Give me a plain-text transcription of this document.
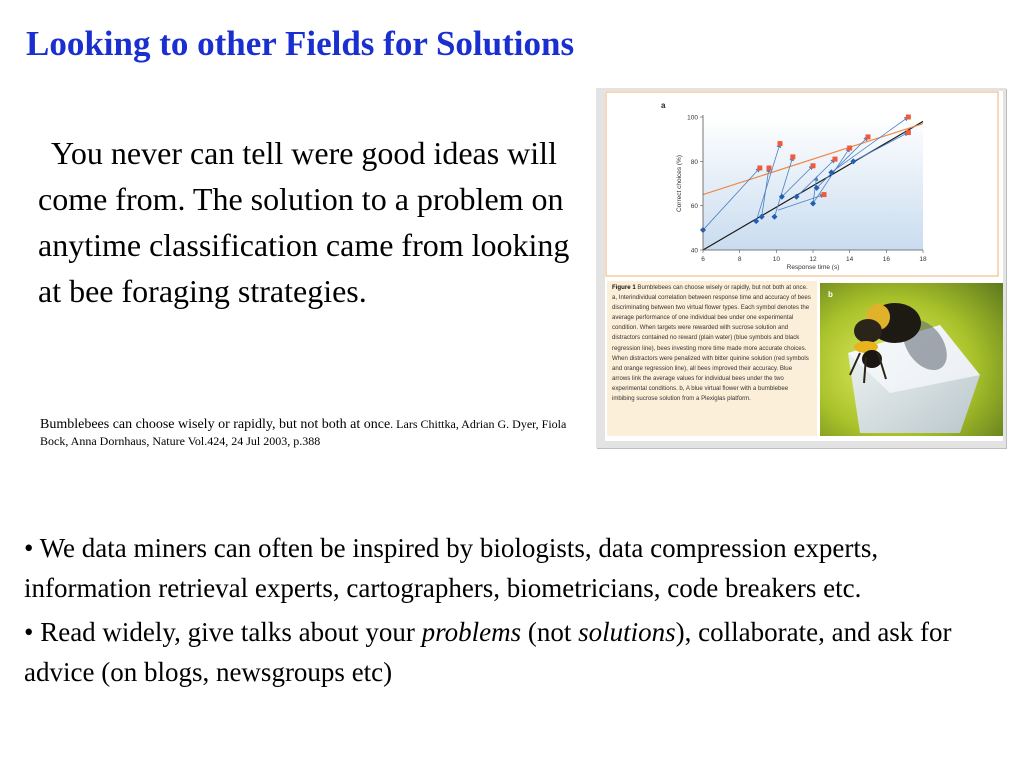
Looking to other Fields for Solutions
You never can tell were good ideas will come from. The solution to a problem on anytime classification came from looking at bee foraging strategies.
Bumblebees can choose wisely or rapidly, but not both at once. Lars Chittka, Adrian G. Dyer, Fiola Bock, Anna Dornhaus, Nature Vol.424, 24 Jul 2003, p.388
a
6	8	10	12	14	16	18
40
60
80
100
Response time (s)
Correct choices (%)
Figure 1 Bumblebees can choose wisely or rapidly, but not both at once. a, Interindividual correlation between response time and accuracy of bees discriminating between two virtual flower types. Each symbol denotes the average performance of one individual bee under one experimental condition. When targets were rewarded with sucrose solution and distractors contained no reward (plain water) (blue symbols and black regression line), bees investing more time made more accurate choices. When distractors were penalized with bitter quinine solution (red symbols and orange regression line), all bees improved their accuracy. Blue arrows link the average values for individual bees under the two experimental conditions. b, A blue virtual flower with a bumblebee imbibing sucrose solution from a Plexiglas platform.
b

• We data miners can often be inspired by biologists, data compression experts, information retrieval experts, cartographers, biometricians, code breakers etc.

• Read widely, give talks about your problems (not solutions), collaborate, and ask for advice (on blogs, newsgroups etc)
